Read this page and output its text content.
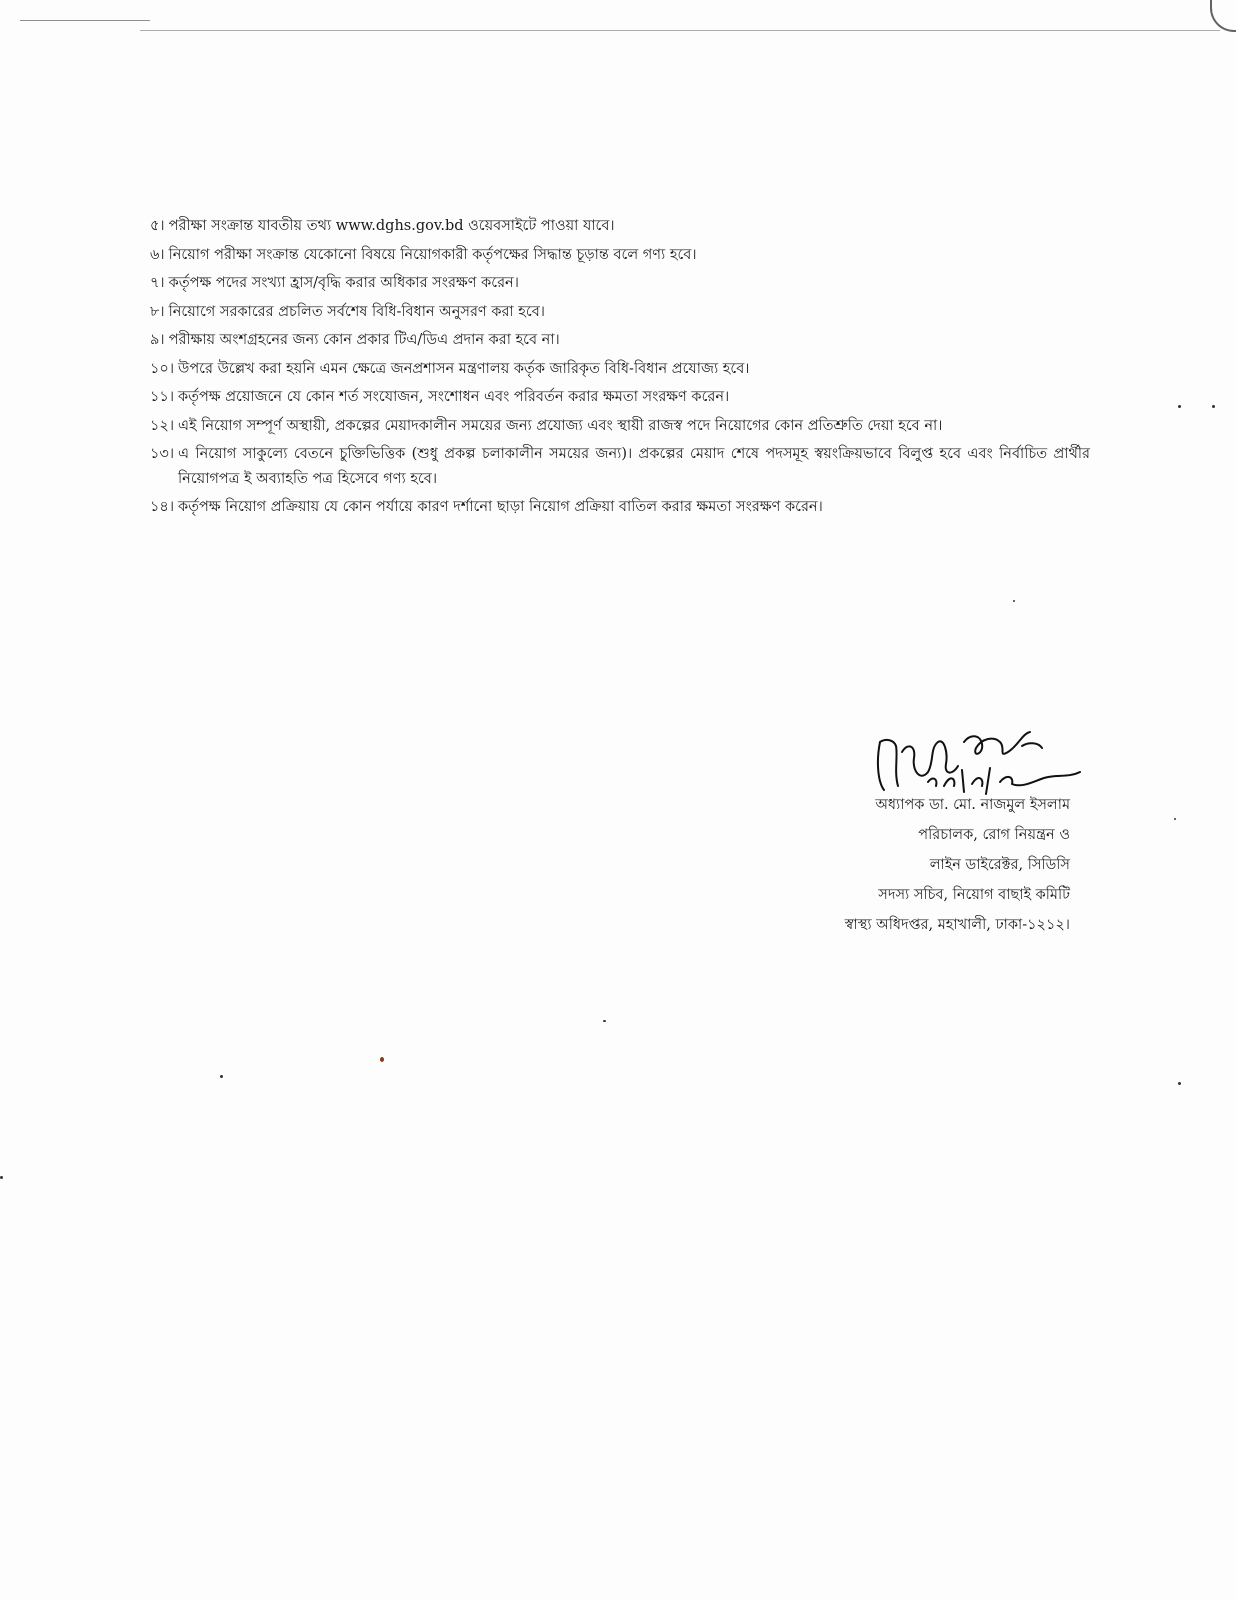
৫। পরীক্ষা সংক্রান্ত যাবতীয় তথ্য www.dghs.gov.bd ওয়েবসাইটে পাওয়া যাবে।
৬। নিয়োগ পরীক্ষা সংক্রান্ত যেকোনো বিষয়ে নিয়োগকারী কর্তৃপক্ষের সিদ্ধান্ত চূড়ান্ত বলে গণ্য হবে।
৭। কর্তৃপক্ষ পদের সংখ্যা হ্রাস/বৃদ্ধি করার অধিকার সংরক্ষণ করেন।
৮। নিয়োগে সরকারের প্রচলিত সর্বশেষ বিধি-বিধান অনুসরণ করা হবে।
৯। পরীক্ষায় অংশগ্রহনের জন্য কোন প্রকার টিএ/ডিএ প্রদান করা হবে না।
১০। উপরে উল্লেখ করা হয়নি এমন ক্ষেত্রে জনপ্রশাসন মন্ত্রণালয় কর্তৃক জারিকৃত বিধি-বিধান প্রযোজ্য হবে।
১১। কর্তৃপক্ষ প্রয়োজনে যে কোন শর্ত সংযোজন, সংশোধন এবং পরিবর্তন করার ক্ষমতা সংরক্ষণ করেন।
১২। এই নিয়োগ সম্পূর্ণ অস্থায়ী, প্রকল্পের মেয়াদকালীন সময়ের জন্য প্রযোজ্য এবং স্থায়ী রাজস্ব পদে নিয়োগের কোন প্রতিশ্রুতি দেয়া হবে না।
১৩। এ নিয়োগ সাকুল্যে বেতনে চুক্তিভিত্তিক (শুধু প্রকল্প চলাকালীন সময়ের জন্য)। প্রকল্পের মেয়াদ শেষে পদসমূহ স্বয়ংক্রিয়ভাবে বিলুপ্ত হবে এবং নির্বাচিত প্রার্থীর নিয়োগপত্র ই অব্যাহতি পত্র হিসেবে গণ্য হবে।
১৪। কর্তৃপক্ষ নিয়োগ প্রক্রিয়ায় যে কোন পর্যায়ে কারণ দর্শানো ছাড়া নিয়োগ প্রক্রিয়া বাতিল করার ক্ষমতা সংরক্ষণ করেন।
অধ্যাপক ডা. মো. নাজমুল ইসলাম
পরিচালক, রোগ নিয়ন্ত্রন ও
লাইন ডাইরেক্টর, সিডিসি
সদস্য সচিব, নিয়োগ বাছাই কমিটি
স্বাস্থ্য অধিদপ্তর, মহাখালী, ঢাকা-১২১২।
